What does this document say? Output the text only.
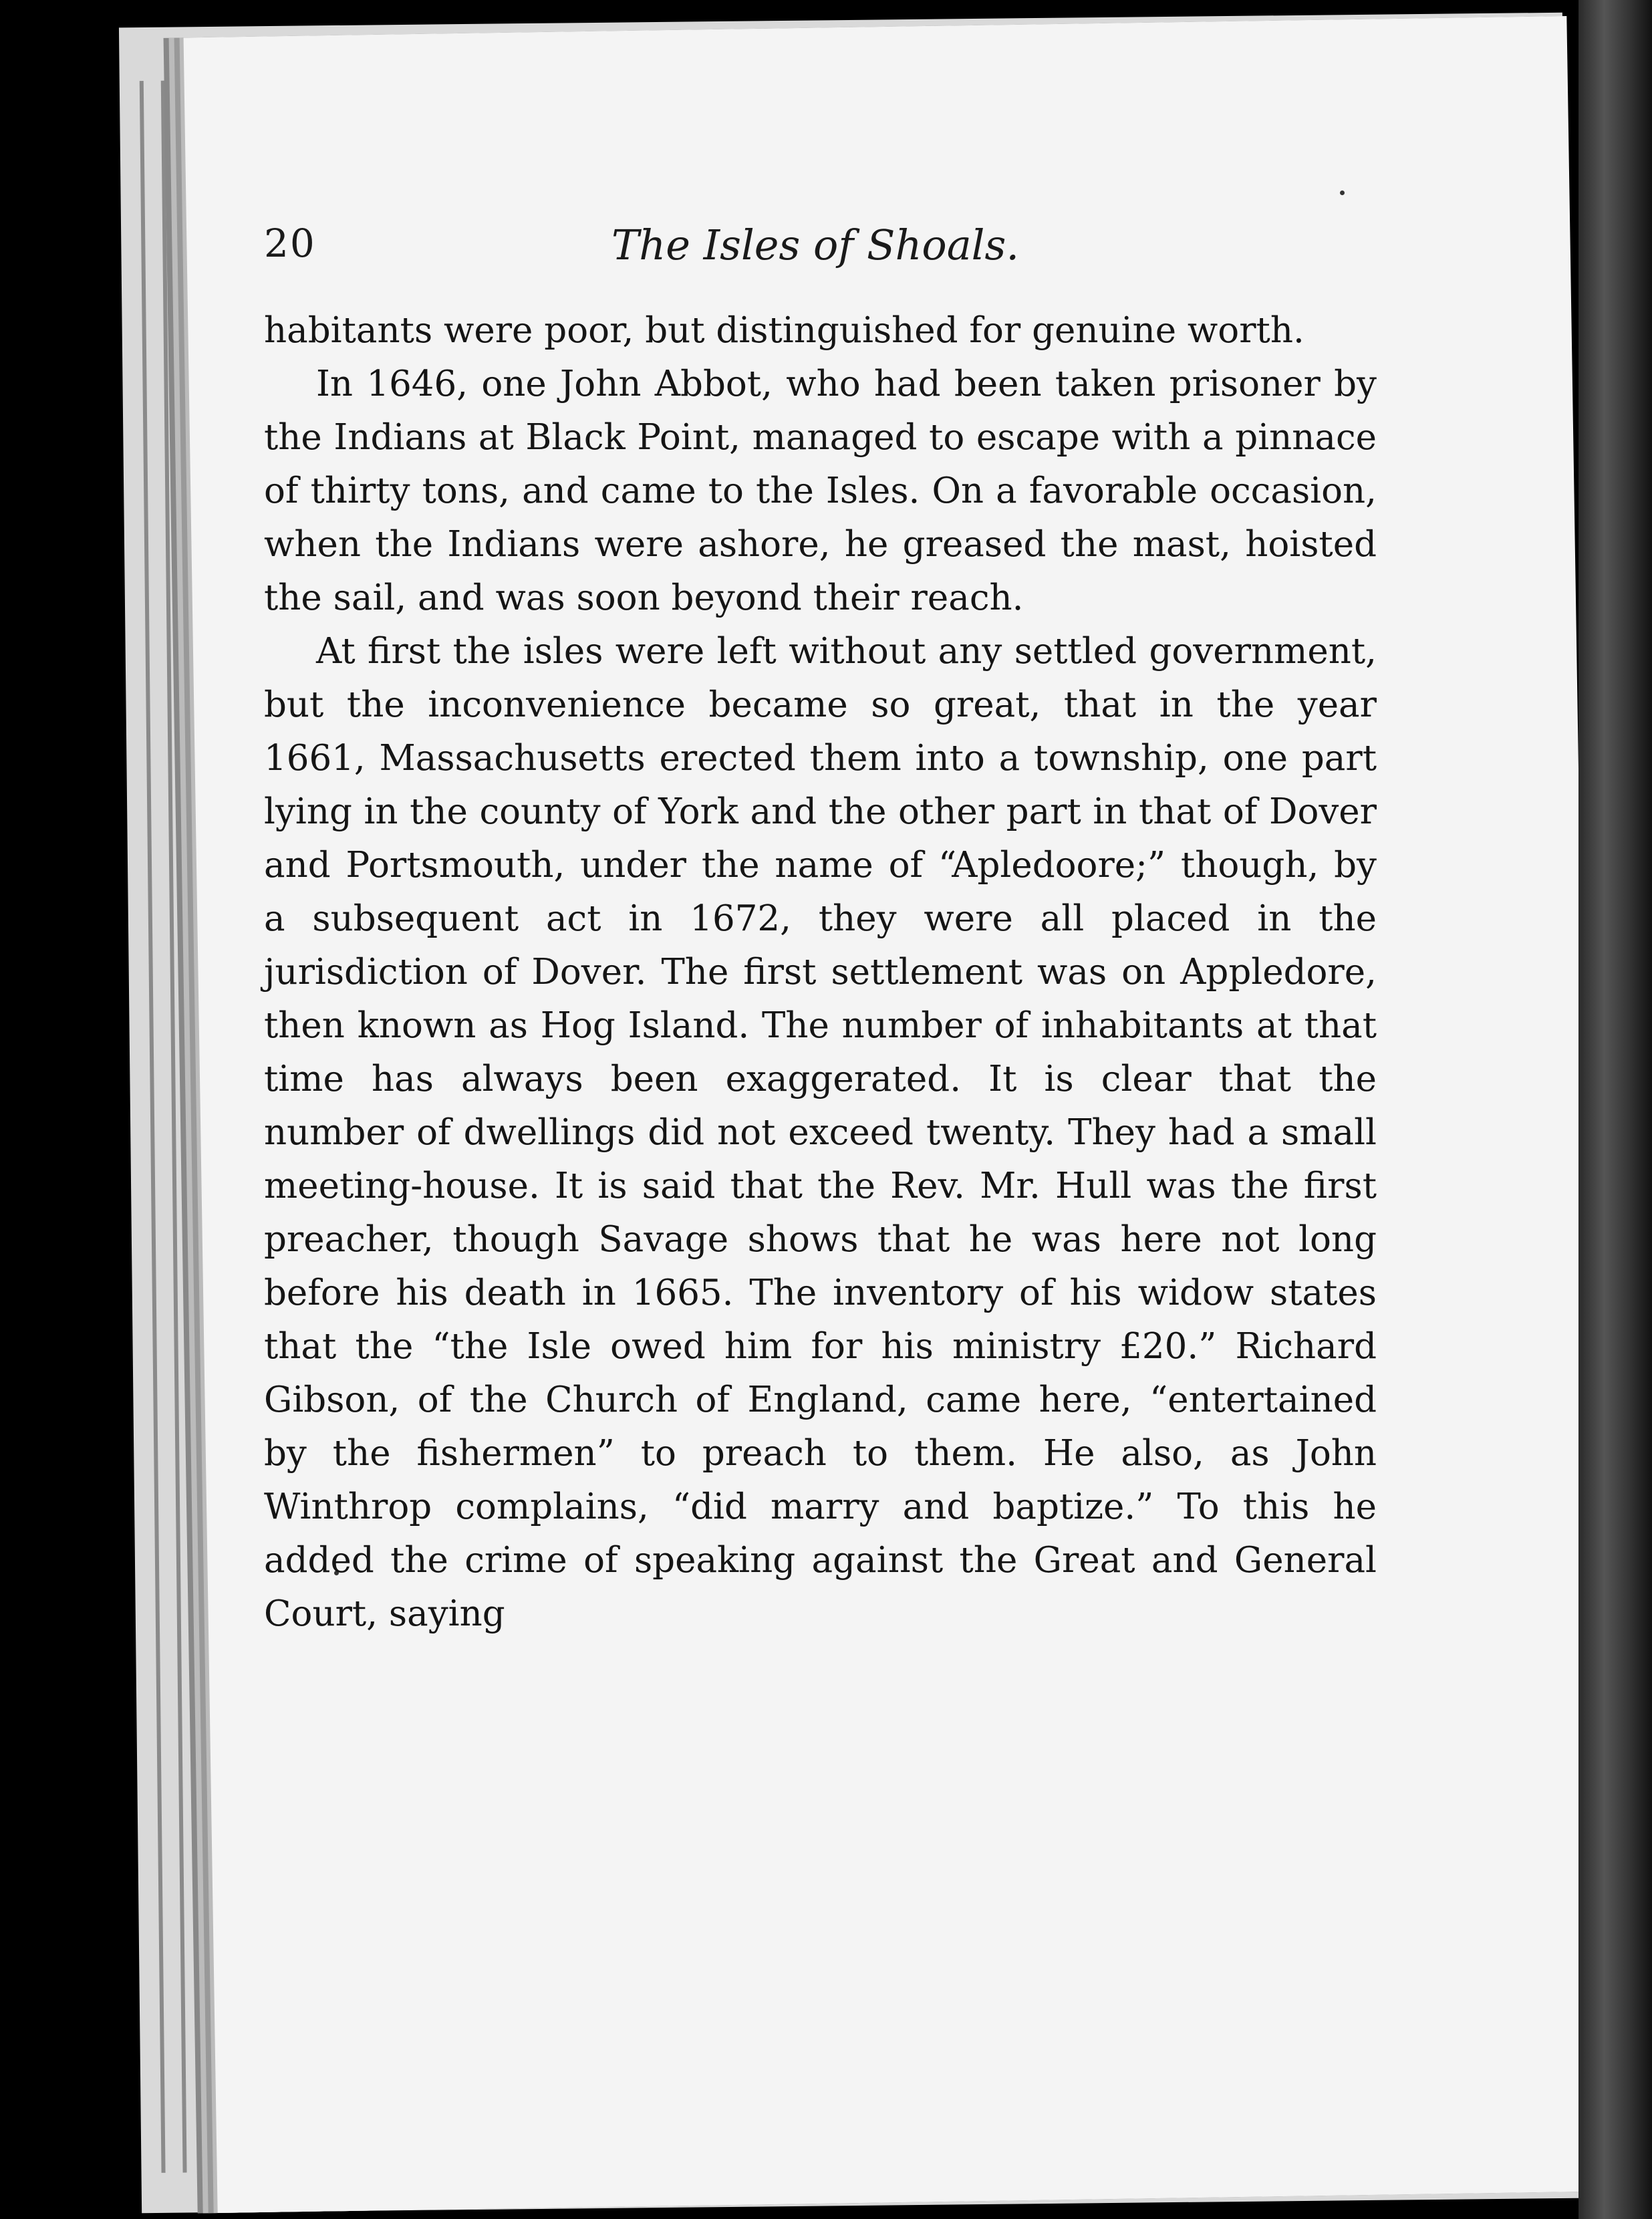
20	The Isles of Shoals.

habitants were poor, but distinguished for genuine worth.

In 1646, one John Abbot, who had been taken prisoner by the Indians at Black Point, managed to escape with a pinnace of thirty tons, and came to the Isles. On a favorable occasion, when the Indians were ashore, he greased the mast, hoisted the sail, and was soon beyond their reach.

At first the isles were left without any settled government, but the inconvenience became so great, that in the year 1661, Massachusetts erected them into a township, one part lying in the county of York and the other part in that of Dover and Portsmouth, under the name of “Apledoore;” though, by a subsequent act in 1672, they were all placed in the jurisdiction of Dover. The first settlement was on Appledore, then known as Hog Island. The number of inhabitants at that time has always been exaggerated. It is clear that the number of dwellings did not exceed twenty. They had a small meeting-house. It is said that the Rev. Mr. Hull was the first preacher, though Savage shows that he was here not long before his death in 1665. The inventory of his widow states that the “the Isle owed him for his ministry £20.” Richard Gibson, of the Church of England, came here, “entertained by the fishermen” to preach to them. He also, as John Winthrop complains, “did marry and baptize.” To this he added the crime of speaking against the Great and General Court, saying
